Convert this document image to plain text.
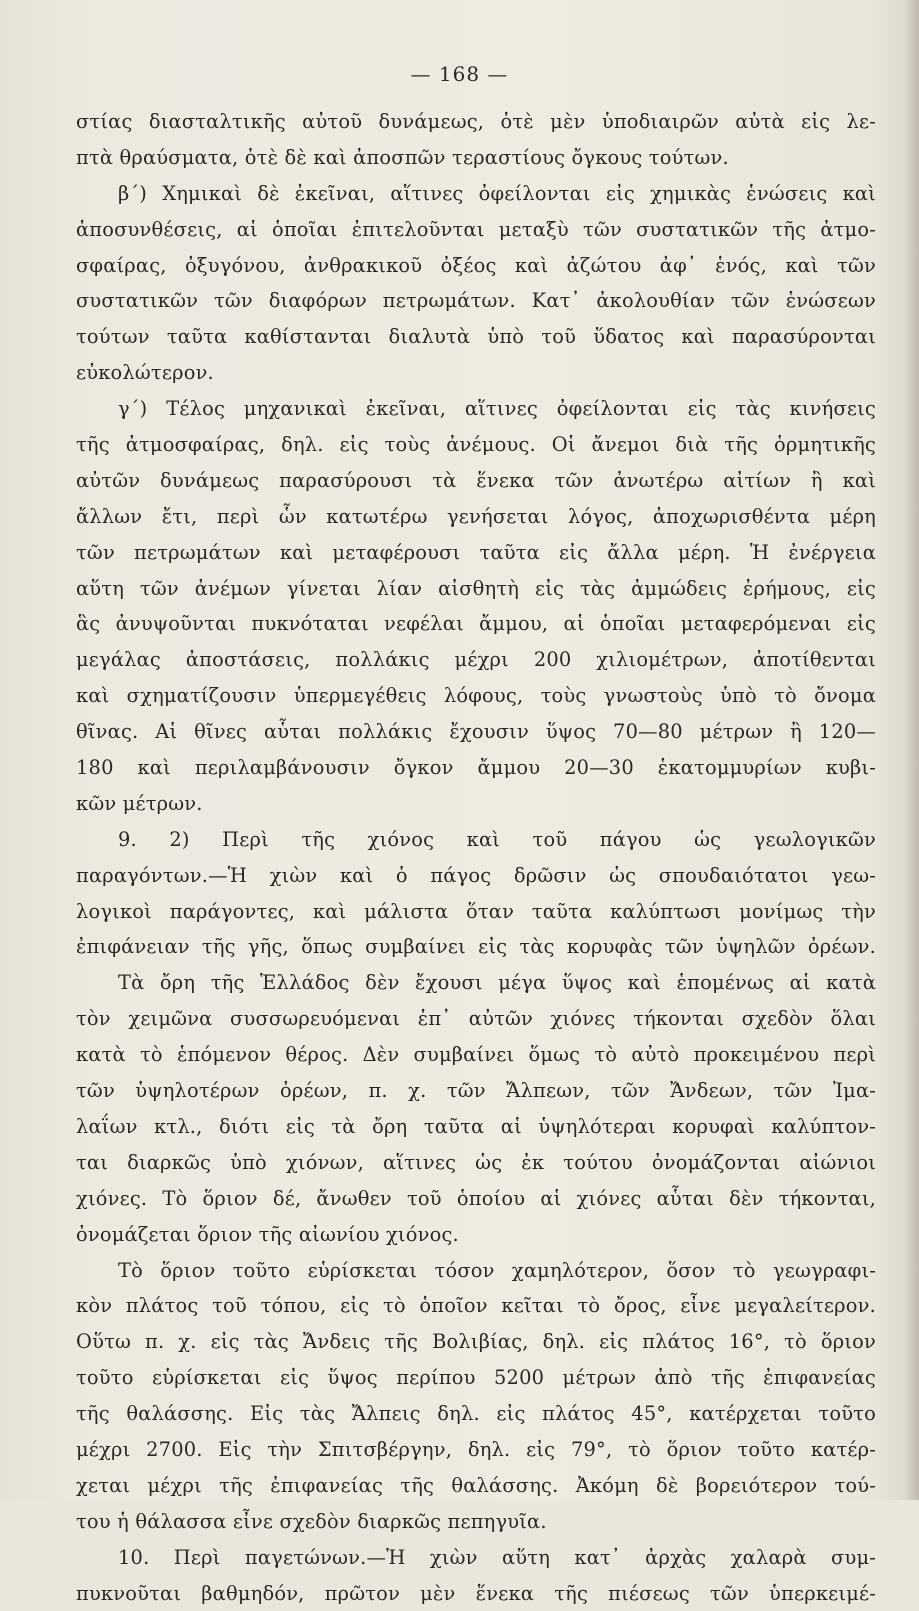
— 168 —
στίας διασταλτικῆς αὐτοῦ δυνάμεως, ὁτὲ μὲν ὑποδιαιρῶν αὐτὰ εἰς λε-
πτὰ θραύσματα, ὁτὲ δὲ καὶ ἀποσπῶν τεραστίους ὄγκους τούτων.
β΄) Χημικαὶ δὲ ἐκεῖναι, αἵτινες ὀφείλονται εἰς χημικὰς ἑνώσεις καὶ
ἀποσυνθέσεις, αἱ ὁποῖαι ἐπιτελοῦνται μεταξὺ τῶν συστατικῶν τῆς ἀτμο-
σφαίρας, ὀξυγόνου, ἀνθρακικοῦ ὀξέος καὶ ἀζώτου ἀφ᾿ ἑνός, καὶ τῶν
συστατικῶν τῶν διαφόρων πετρωμάτων. Κατ᾿ ἀκολουθίαν τῶν ἑνώσεων
τούτων ταῦτα καθίστανται διαλυτὰ ὑπὸ τοῦ ὕδατος καὶ παρασύρονται
εὐκολώτερον.
γ΄) Τέλος μηχανικαὶ ἐκεῖναι, αἵτινες ὀφείλονται εἰς τὰς κινήσεις
τῆς ἀτμοσφαίρας, δηλ. εἰς τοὺς ἀνέμους. Οἱ ἄνεμοι διὰ τῆς ὁρμητικῆς
αὐτῶν δυνάμεως παρασύρουσι τὰ ἕνεκα τῶν ἀνωτέρω αἰτίων ἢ καὶ
ἄλλων ἔτι, περὶ ὧν κατωτέρω γενήσεται λόγος, ἀποχωρισθέντα μέρη
τῶν πετρωμάτων καὶ μεταφέρουσι ταῦτα εἰς ἄλλα μέρη. Ἡ ἐνέργεια
αὕτη τῶν ἀνέμων γίνεται λίαν αἰσθητὴ εἰς τὰς ἀμμώδεις ἐρήμους, εἰς
ἃς ἀνυψοῦνται πυκνόταται νεφέλαι ἄμμου, αἱ ὁποῖαι μεταφερόμεναι εἰς
μεγάλας ἀποστάσεις, πολλάκις μέχρι 200 χιλιομέτρων, ἀποτίθενται
καὶ σχηματίζουσιν ὑπερμεγέθεις λόφους, τοὺς γνωστοὺς ὑπὸ τὸ ὄνομα
θῖνας. Αἱ θῖνες αὗται πολλάκις ἔχουσιν ὕψος 70—80 μέτρων ἢ 120—
180 καὶ περιλαμβάνουσιν ὄγκον ἄμμου 20—30 ἑκατομμυρίων κυβι-
κῶν μέτρων.
9. 2) Περὶ τῆς χιόνος καὶ τοῦ πάγου ὡς γεωλογικῶν
παραγόντων.—Ἡ χιὼν καὶ ὁ πάγος δρῶσιν ὡς σπουδαιότατοι γεω-
λογικοὶ παράγοντες, καὶ μάλιστα ὅταν ταῦτα καλύπτωσι μονίμως τὴν
ἐπιφάνειαν τῆς γῆς, ὅπως συμβαίνει εἰς τὰς κορυφὰς τῶν ὑψηλῶν ὀρέων.
Τὰ ὄρη τῆς Ἑλλάδος δὲν ἔχουσι μέγα ὕψος καὶ ἑπομένως αἱ κατὰ
τὸν χειμῶνα συσσωρευόμεναι ἐπ᾿ αὐτῶν χιόνες τήκονται σχεδὸν ὅλαι
κατὰ τὸ ἑπόμενον θέρος. Δὲν συμβαίνει ὅμως τὸ αὐτὸ προκειμένου περὶ
τῶν ὑψηλοτέρων ὀρέων, π. χ. τῶν Ἄλπεων, τῶν Ἄνδεων, τῶν Ἰμα-
λαΐων κτλ., διότι εἰς τὰ ὄρη ταῦτα αἱ ὑψηλότεραι κορυφαὶ καλύπτον-
ται διαρκῶς ὑπὸ χιόνων, αἵτινες ὡς ἐκ τούτου ὀνομάζονται αἰώνιοι
χιόνες. Τὸ ὅριον δέ, ἄνωθεν τοῦ ὁποίου αἱ χιόνες αὗται δὲν τήκονται,
ὀνομάζεται ὅριον τῆς αἰωνίου χιόνος.
Τὸ ὅριον τοῦτο εὑρίσκεται τόσον χαμηλότερον, ὅσον τὸ γεωγραφι-
κὸν πλάτος τοῦ τόπου, εἰς τὸ ὁποῖον κεῖται τὸ ὄρος, εἶνε μεγαλείτερον.
Οὕτω π. χ. εἰς τὰς Ἄνδεις τῆς Βολιβίας, δηλ. εἰς πλάτος 16°, τὸ ὅριον
τοῦτο εὑρίσκεται εἰς ὕψος περίπου 5200 μέτρων ἀπὸ τῆς ἐπιφανείας
τῆς θαλάσσης. Εἰς τὰς Ἄλπεις δηλ. εἰς πλάτος 45°, κατέρχεται τοῦτο
μέχρι 2700. Εἰς τὴν Σπιτσβέργην, δηλ. εἰς 79°, τὸ ὅριον τοῦτο κατέρ-
χεται μέχρι τῆς ἐπιφανείας τῆς θαλάσσης. Ἀκόμη δὲ βορειότερον τού-
του ἡ θάλασσα εἶνε σχεδὸν διαρκῶς πεπηγυῖα.
10. Περὶ παγετώνων.—Ἡ χιὼν αὕτη κατ᾿ ἀρχὰς χαλαρὰ συμ-
πυκνοῦται βαθμηδόν, πρῶτον μὲν ἕνεκα τῆς πιέσεως τῶν ὑπερκειμέ-
